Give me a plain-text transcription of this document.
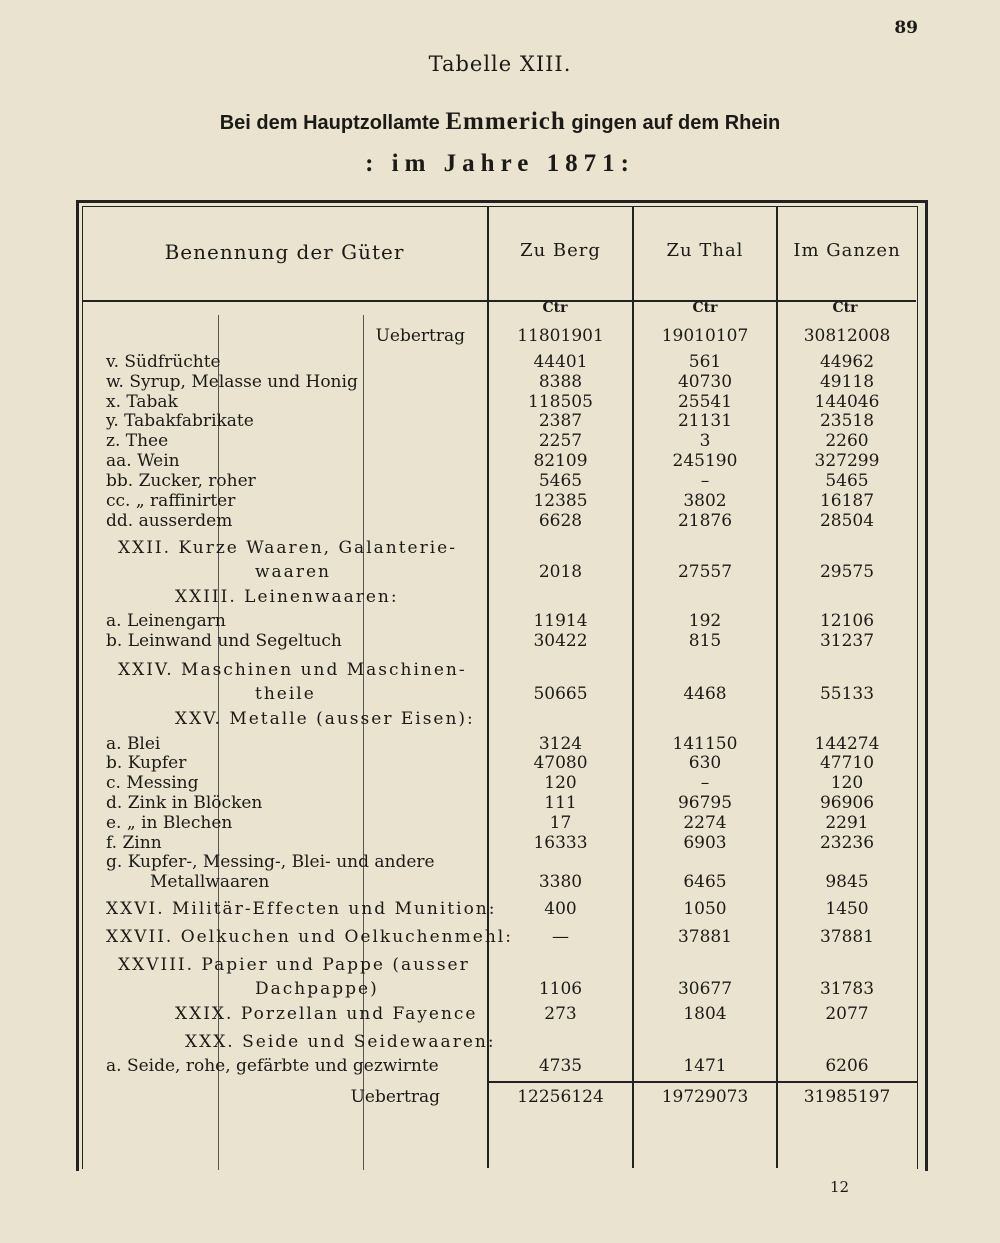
89
Tabelle XIII.
Bei dem Hauptzollamte Emmerich gingen auf dem Rhein
: im Jahre 1871:
Benennung der Güter	Zu Berg	Zu Thal	Im Ganzen
Ctr	Ctr	Ctr
Uebertrag	11801901	19010107	30812008
v. Südfrüchte	44401	561	44962
w. Syrup, Melasse und Honig	8388	40730	49118
x. Tabak	118505	25541	144046
y. Tabakfabrikate	2387	21131	23518
z. Thee	2257	3	2260
aa. Wein	82109	245190	327299
bb. Zucker, roher	5465	–	5465
cc. „ raffinirter	12385	3802	16187
dd. ausserdem	6628	21876	28504
XXII. Kurze Waaren, Galanterie-
waaren	2018	27557	29575
XXIII. Leinenwaaren:
a. Leinengarn	11914	192	12106
b. Leinwand und Segeltuch	30422	815	31237
XXIV. Maschinen und Maschinen-
theile	50665	4468	55133
XXV. Metalle (ausser Eisen):
a. Blei	3124	141150	144274
b. Kupfer	47080	630	47710
c. Messing	120	–	120
d. Zink in Blöcken	111	96795	96906
e. „ in Blechen	17	2274	2291
f. Zinn	16333	6903	23236
g. Kupfer-, Messing-, Blei- und andere
Metallwaaren	3380	6465	9845
XXVI. Militär-Effecten und Munition:	400	1050	1450
XXVII. Oelkuchen und Oelkuchenmehl:	—	37881	37881
XXVIII. Papier und Pappe (ausser
Dachpappe)	1106	30677	31783
XXIX. Porzellan und Fayence	273	1804	2077
XXX. Seide und Seidewaaren:
a. Seide, rohe, gefärbte und gezwirnte	4735	1471	6206
Uebertrag	12256124	19729073	31985197
12
